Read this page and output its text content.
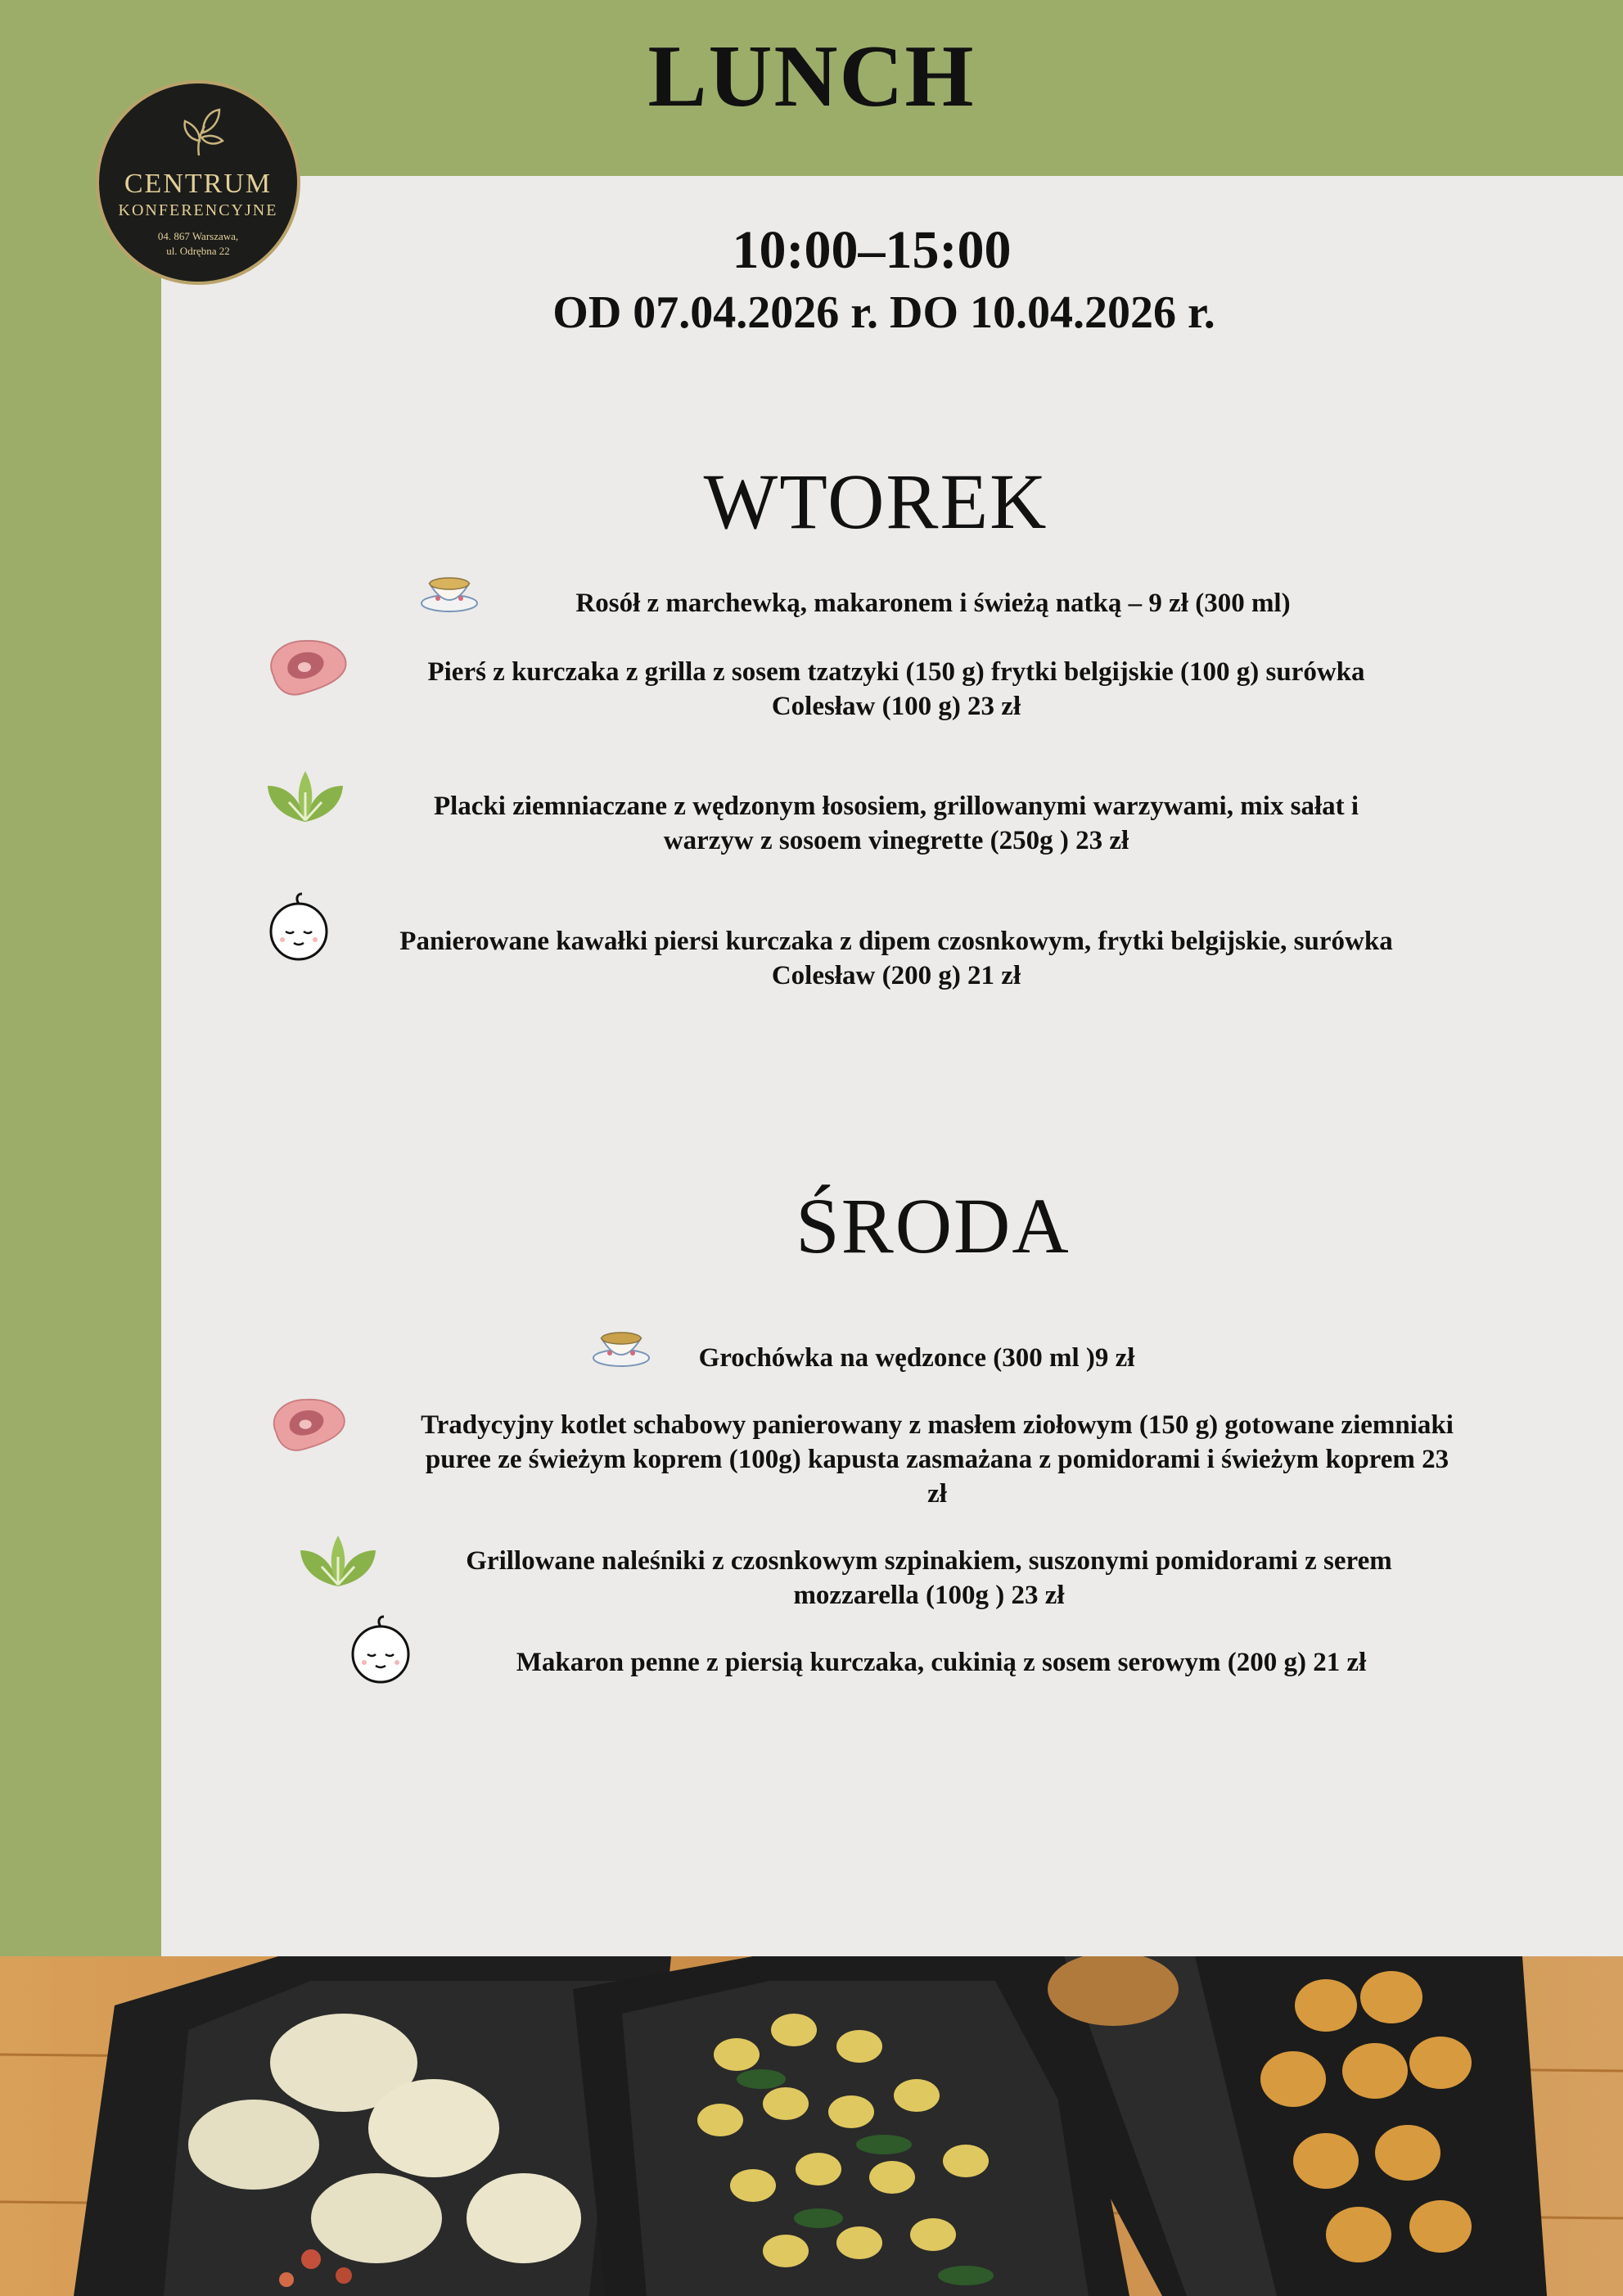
LUNCH
CENTRUM
KONFERENCYJNE
04. 867 Warszawa,
ul. Odrębna 22	10:00–15:00
OD 07.04.2026 r. DO 10.04.2026 r.
WTOREK
Rosół z marchewką, makaronem i świeżą natką – 9 zł (300 ml)
Pierś z kurczaka z grilla z sosem tzatzyki (150 g) frytki belgijskie (100 g) surówka
Colesław (100 g) 23 zł
Placki ziemniaczane z wędzonym łososiem, grillowanymi warzywami, mix sałat i
warzyw z sosoem vinegrette (250g ) 23 zł
Panierowane kawałki piersi kurczaka z dipem czosnkowym, frytki belgijskie, surówka
Colesław (200 g) 21 zł
ŚRODA
Grochówka na wędzonce (300 ml )9 zł
Tradycyjny kotlet schabowy panierowany z masłem ziołowym (150 g) gotowane ziemniaki
puree ze świeżym koprem (100g) kapusta zasmażana z pomidorami i świeżym koprem 23
zł
Grillowane naleśniki z czosnkowym szpinakiem, suszonymi pomidorami z serem
mozzarella (100g ) 23 zł
Makaron penne z piersią kurczaka, cukinią z sosem serowym (200 g) 21 zł
